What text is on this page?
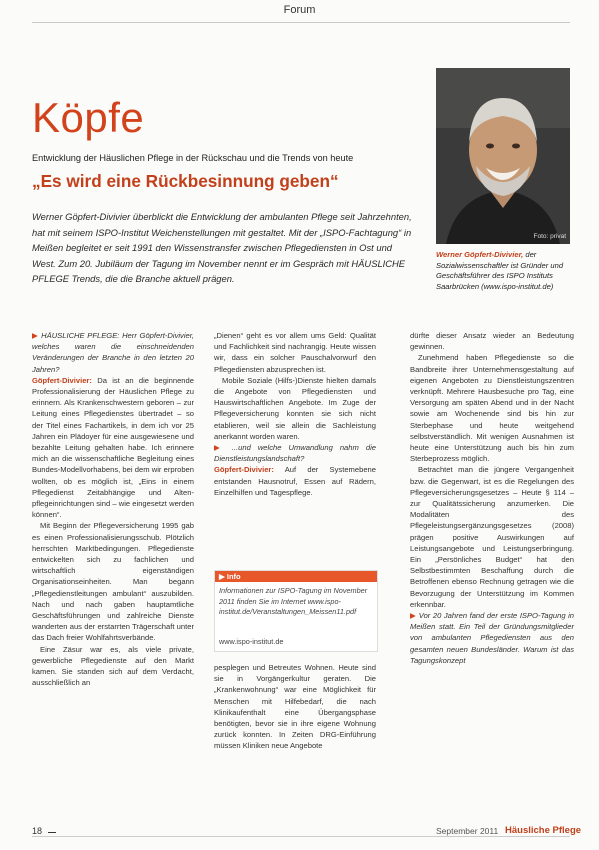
Forum
Köpfe
Entwicklung der Häuslichen Pflege in der Rückschau und die Trends von heute
„Es wird eine Rückbesinnung geben“
Werner Göpfert-Divivier überblickt die Entwicklung der ambulanten Pflege seit Jahrzehnten, hat mit seinem ISPO-Institut Weichenstellungen mit gestaltet. Mit der „ISPO-Fachtagung“ in Meißen begleitet er seit 1991 den Wissenstransfer zwischen Pflegediensten in Ost und West. Zum 20. Jubiläum der Tagung im November nennt er im Gespräch mit HÄUSLICHE PFLEGE Trends, die die Branche aktuell prägen.
Foto: privat
Werner Göpfert-Divivier, der Sozialwissenschaftler ist Gründer und Geschäftsführer des ISPO Instituts Saarbrücken (www.ispo-institut.de)

▶ HÄUSLICHE PFLEGE: Herr Göpfert-Divivier, welches waren die einschneidenden Veränderungen der Branche in den letzten 20 Jahren?

Göpfert-Divivier: Da ist an die beginnende Professionalisierung der Häuslichen Pflege zu erinnern. Als Krankenschwestern geboren – zur Leitung eines Pflegedienstes übertradet – so der Titel eines Fachartikels, in dem ich vor 25 Jahren ein Plädoyer für eine ausgewiesene und bezahlte Leitung gehalten habe. Ich erinnere mich an die wissenschaftliche Begleitung eines Bundes-Modellvorhabens, bei dem wir erproben wollten, ob es möglich ist, „Eins in einem Pflegedienst Zeitabhängige und Alten-pflegeinrichtungen sind – wie eingesetzt werden können“.

Mit Beginn der Pflegeversicherung 1995 gab es einen Professionalisierungsschub. Plötzlich herrschten Marktbedingungen. Pflegedienste entwickelten sich zu fachlichen und wirtschaftlich eigenständigen Organisationseinheiten. Man begann „Pflegedienstleitungen ambulant“ auszubilden. Nach und nach gaben hauptamtliche Geschäftsführungen und zahlreiche Dienste wanderten aus der erstarrten Trägerschaft unter das Dach freier Wohlfahrtsverbände.

Eine Zäsur war es, als viele private, gewerbliche Pflegedienste auf den Markt kamen. Sie standen sich auf dem Verdacht, ausschließlich an

„Dienen“ geht es vor allem ums Geld: Qualität und Fachlichkeit sind nachrangig. Heute wissen wir, dass ein solcher Pauschalvorwurf den Pflegediensten abzusprechen ist.

Mobile Soziale (Hilfs-)Dienste hielten damals die Angebote von Pflegediensten und Hauswirtschaftlichen Angebote. Im Zuge der Pflegeversicherung konnten sie sich nicht etablieren, weil sie allein die Sachleistung anerkannt worden waren.

▶ ...und welche Umwandlung nahm die Dienstleistungslandschaft?

Göpfert-Divivier: Auf der Systemebene entstanden Hausnotruf, Essen auf Rädern, Einzelhilfen und Tagespflege.

▶ Info
Informationen zur ISPO-Tagung im November 2011 finden Sie im Internet www.ispo-institut.de/Veranstaltungen_Meissen11.pdf
www.ispo-institut.de

pesplegen und Betreutes Wohnen. Heute sind sie in Vorgängerkultur geraten. Die „Krankenwohnung“ war eine Möglichkeit für Menschen mit Hilfebedarf, die nach Klinikaufenthalt eine Übergangsphase benötigten, bevor sie in ihre eigene Wohnung zurück konnten. In Zeiten DRG-Einführung müssen Kliniken neue Angebote

dürfte dieser Ansatz wieder an Bedeutung gewinnen.

Zunehmend haben Pflegedienste so die Bandbreite ihrer Unternehmensgestaltung auf eigenen Angeboten zu Dienstleistungszentren verknüpft. Mehrere Hausbesuche pro Tag, eine Versorgung am späten Abend und in der Nacht sowie am Wochenende sind bis hin zur Sterbephase und heute weitgehend selbstverständlich. Mit wenigen Ausnahmen ist heute eine Unterstützung auch bis hin zum Sterbeprozess möglich.

Betrachtet man die jüngere Vergangenheit bzw. die Gegenwart, ist es die Regelungen des Pflegeversicherungsgesetzes – Heute § 114 – zur Qualitätssicherung anzumerken. Die Modalitäten des Pflegeleistungsergänzungsgesetzes (2008) prägen positive Auswirkungen auf Leistungsangebote und Leistungserbringung. Ein „Persönliches Budget“ hat den Selbstbestimmten Beschaffung durch die Betroffenen ebenso Rechnung getragen wie die Bevorzugung der Unterstützung im Kommen erkennbar.

▶ Vor 20 Jahren fand der erste ISPO-Tagung in Meißen statt. Ein Teil der Gründungsmitglieder von ambulanten Pflegediensten aus den gesamten neuen Bundesländer. Warum ist das Tagungskonzept

18	September 2011 Häusliche Pflege
